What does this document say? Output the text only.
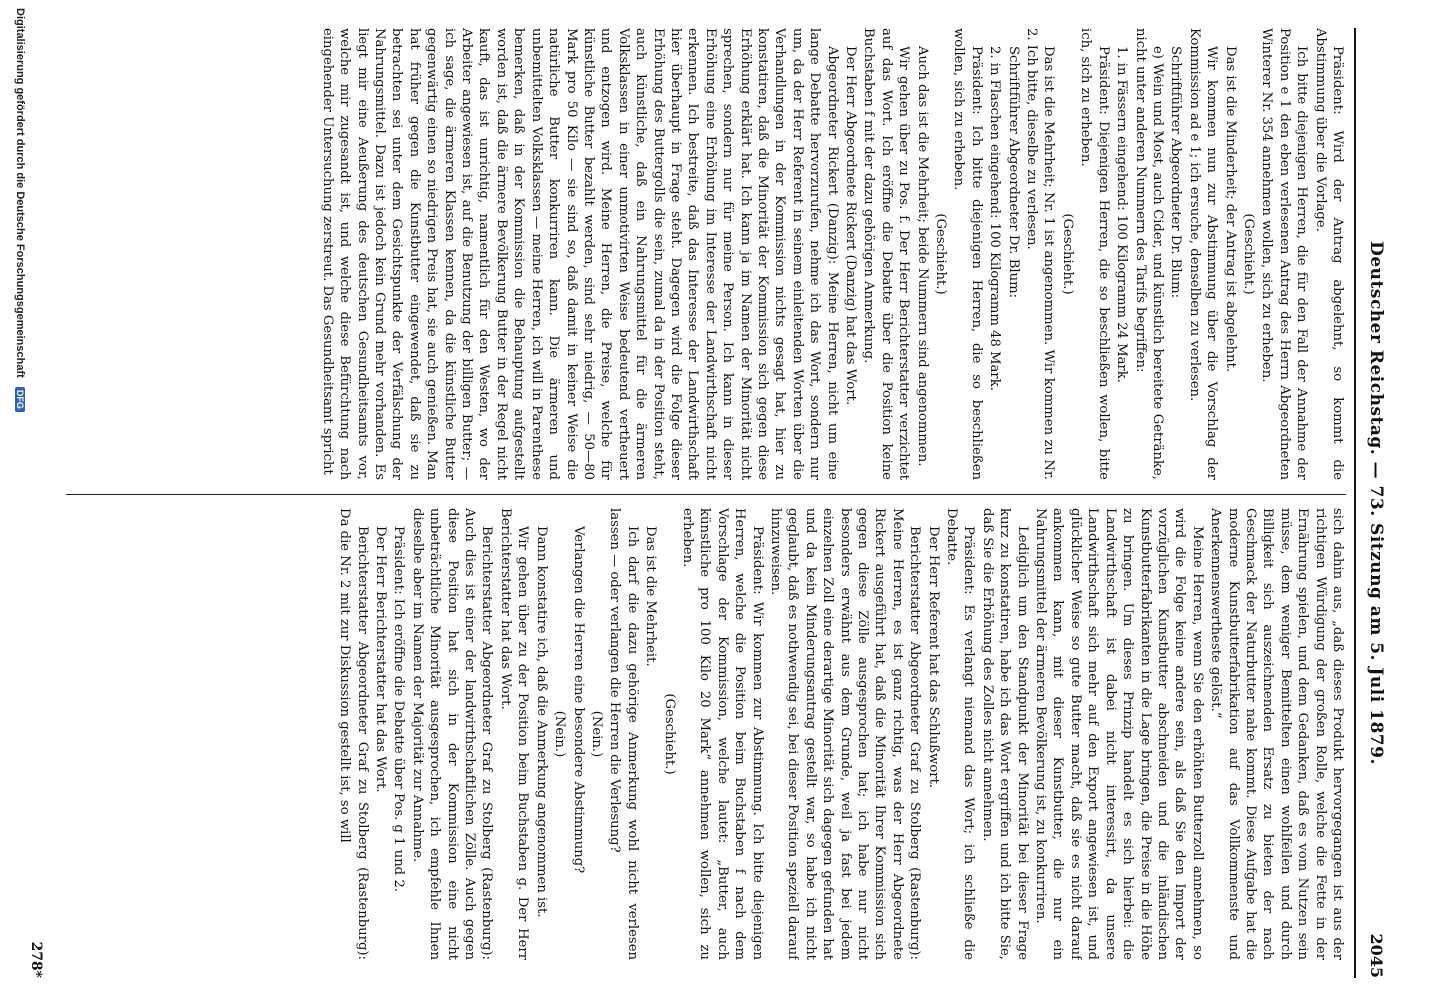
Deutscher Reichstag. — 73. Sitzung am 5. Juli 1879.
2045

Präsident: Wird der Antrag abgelehnt, so kommt die Abstimmung über die Vorlage.

Ich bitte diejenigen Herren, die für den Fall der Annahme der Position e 1 den eben verlesenen Antrag des Herrn Abgeordneten Winterer Nr. 354 annehmen wollen, sich zu erheben.

(Geschieht.)

Das ist die Minderheit; der Antrag ist abgelehnt.

Wir kommen nun zur Abstimmung über die Vorschlag der Kommission ad e 1; ich ersuche, denselben zu verlesen.

Schriftführer Abgeordneter Dr. Blum:

e) Wein und Most, auch Cider, und künstlich bereitete Getränke, nicht unter anderen Nummern des Tarifs begriffen:

1. in Fässern eingehend: 100 Kilogramm 24 Mark.

Präsident: Diejenigen Herren, die so beschließen wollen, bitte ich, sich zu erheben.

(Geschieht.)

Das ist die Mehrheit; Nr. 1 ist angenommen. Wir kommen zu Nr. 2. Ich bitte, dieselbe zu verlesen.

Schriftführer Abgeordneter Dr. Blum:

2. in Flaschen eingehend: 100 Kilogramm 48 Mark.

Präsident: Ich bitte diejenigen Herren, die so beschließen wollen, sich zu erheben.

(Geschieht.)

Auch das ist die Mehrheit; beide Nummern sind angenommen.

Wir gehen über zu Pos. f. Der Herr Berichterstatter verzichtet auf das Wort. Ich eröffne die Debatte über die Position keine Buchstaben f mit der dazu gehörigen Anmerkung.

Der Herr Abgeordnete Rickert (Danzig) hat das Wort.

Abgeordneter Rickert (Danzig): Meine Herren, nicht um eine lange Debatte hervorzurufen, nehme ich das Wort, sondern nur um, da der Herr Referent in seinem einleitenden Worten über die Verhandlungen in der Kommission nichts gesagt hat, hier zu konstatiren, daß die Minorität der Kommission sich gegen diese Erhöhung erklärt hat. Ich kann ja im Namen der Minorität nicht sprechen, sondern nur für meine Person. Ich kann in dieser Erhöhung eine Erhöhung im Interesse der Landwirthschaft nicht erkennen. Ich bestreite, daß das Interesse der Landwirthschaft hier überhaupt in Frage steht. Dagegen wird die Folge dieser Erhöhung des Buttergolls die sein, zumal da in der Position steht, auch künstliche, daß ein Nahrungsmittel für die ärmeren Volksklassen in einer unmotivirten Weise bedeutend vertheuert und entzogen wird. Meine Herren, die Preise, welche für künstliche Butter bezahlt werden, sind sehr niedrig, — 50—80 Mark pro 50 Kilo — sie sind so, daß damit in keiner Weise die natürliche Butter konkurriren kann. Die ärmeren und unbemittelten Volksklassen — meine Herren, ich will in Parenthese bemerken, daß in der Kommission die Behauptung aufgestellt worden ist, daß die ärmere Bevölkerung Butter in der Regel nicht kauft, das ist unrichtig, namentlich für den Westen, wo der Arbeiter angewiesen ist, auf die Benutzung der billigen Butter; — ich sage, die ärmeren Klassen kennen, da die künstliche Butter gegenwärtig einen so niedrigen Preis hat, sie auch genießen. Man hat früher gegen die Kunstbutter eingewendet, daß sie zu betrachten sei unter dem Gesichtspunkte der Verfälschung der Nahrungsmittel. Dazu ist jedoch kein Grund mehr vorhanden. Es liegt mir eine Aeußerung des deutschen Gesundheitsamts vor, welche mir zugesandt ist, und welche diese Befürchtung nach eingehender Untersuchung zerstreut. Das Gesundheitsamt spricht

sich dahin aus, „daß dieses Produkt hervorgegangen ist aus der richtigen Würdigung der großen Rolle, welche die Fette in der Ernährung spielen, und dem Gedanken, daß es vom Nutzen sein müsse, dem weniger Bemittelten einen wohlfeilen und durch Billigkeit sich auszeichnenden Ersatz zu bieten der nach Geschmack der Naturbutter nahe kommt. Diese Aufgabe hat die moderne Kunstbutterfabrikation auf das Vollkommenste und Anerkennenswertheste gelöst.“

Meine Herren, wenn Sie den erhöhten Butterzoll annehmen, so wird die Folge keine andere sein, als daß Sie den Import der vorzüglichen Kunstbutter abschneiden und die inländischen Kunstbutterfabrikanten in die Lage bringen, die Preise in die Höhe zu bringen. Um dieses Prinzip handelt es sich hierbei: die Landwirthschaft ist dabei nicht interessirt, da unsere Landwirthschaft sich mehr auf den Export angewiesen ist, und glücklicher Weise so gute Butter macht, daß sie es nicht darauf ankommen kann, mit dieser Kunstbutter, die nur ein Nahrungsmittel der ärmeren Bevölkerung ist, zu konkurriren.

Lediglich um den Standpunkt der Minorität bei dieser Frage kurz zu konstatiren, habe ich das Wort ergriffen und ich bitte Sie, daß Sie die Erhöhung des Zolles nicht annehmen.

Präsident: Es verlangt niemand das Wort; ich schließe die Debatte.

Der Herr Referent hat das Schlußwort.

Berichterstatter Abgeordneter Graf zu Stolberg (Rastenburg): Meine Herren, es ist ganz richtig, was der Herr Abgeordnete Rickert ausgeführt hat, daß die Minorität Ihrer Kommission sich gegen diese Zölle ausgesprochen hat; ich habe nur nicht besonders erwähnt aus dem Grunde, weil ja fast bei jedem einzelnen Zoll eine derartige Minorität sich dagegen gefunden hat und da kein Minderungsantrag gestellt war, so habe ich nicht geglaubt, daß es nothwendig sei, bei dieser Position speziell darauf hinzuweisen.

Präsident: Wir kommen zur Abstimmung. Ich bitte diejenigen Herren, welche die Position beim Buchstaben f nach dem Vorschlage der Kommission, welche lautet: „Butter, auch künstliche pro 100 Kilo 20 Mark“ annehmen wollen, sich zu erheben.

(Geschieht.)

Das ist die Mehrheit.

Ich darf die dazu gehörige Anmerkung wohl nicht verlesen lassen — oder verlangen die Herren die Verlesung?

(Nein.)

Verlangen die Herren eine besondere Abstimmung?

(Nein.)

Dann konstatire ich, daß die Anmerkung angenommen ist.

Wir gehen über zu der Position beim Buchstaben g. Der Herr Berichterstatter hat das Wort.

Berichterstatter Abgeordneter Graf zu Stolberg (Rastenburg): Auch dies ist einer der landwirthschaftlichen Zölle. Auch gegen diese Position hat sich in der Kommission eine nicht unbeträchtliche Minorität ausgesprochen, ich empfehle Ihnen dieselbe aber im Namen der Majorität zur Annahme.

Präsident: Ich eröffne die Debatte über Pos. g 1 und 2.

Der Herr Berichterstatter hat das Wort.

Berichterstatter Abgeordneter Graf zu Stolberg (Rastenburg): Da die Nr. 2 mit zur Diskussion gestellt ist, so will

278*
Digitalisierung gefördert durch die Deutsche Forschungsgemeinschaft DFG
